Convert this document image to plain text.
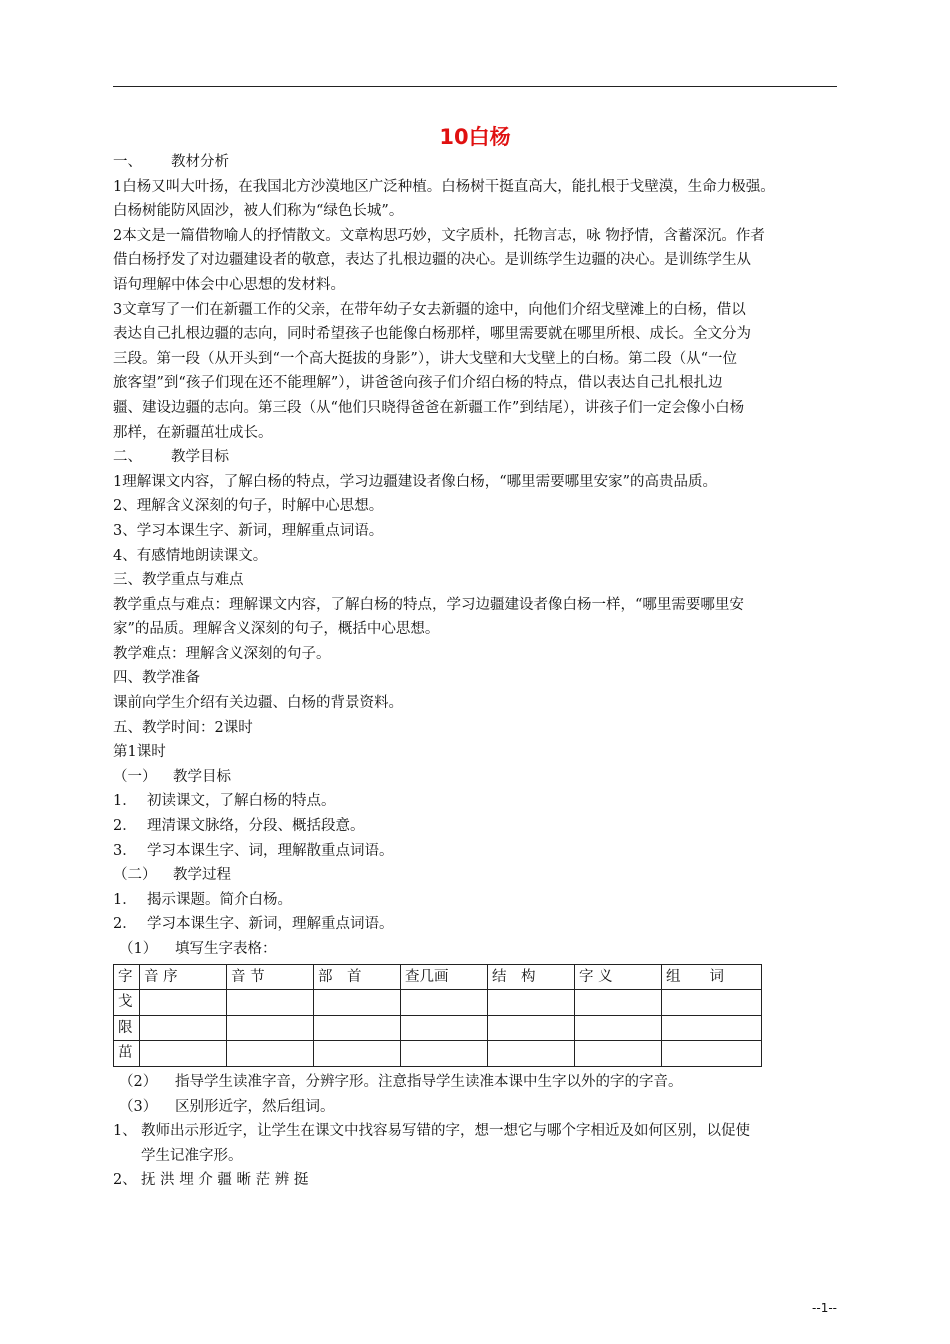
10白杨

一、 教材分析

1白杨又叫大叶扬，在我国北方沙漠地区广泛种植。白杨树干挺直高大，能扎根于戈壁漠，生命力极强。

白杨树能防风固沙，被人们称为“绿色长城”。

2本文是一篇借物喻人的抒情散文。文章构思巧妙，文字质朴，托物言志，咏 物抒情，含蓄深沉。作者

借白杨抒发了对边疆建设者的敬意，表达了扎根边疆的决心。是训练学生边疆的决心。是训练学生从

语句理解中体会中心思想的发材料。

3文章写了一们在新疆工作的父亲，在带年幼子女去新疆的途中，向他们介绍戈壁滩上的白杨，借以

表达自己扎根边疆的志向，同时希望孩子也能像白杨那样，哪里需要就在哪里所根、成长。全文分为

三段。第一段（从开头到“一个高大挺拔的身影”），讲大戈壁和大戈壁上的白杨。第二段（从“一位

旅客望”到“孩子们现在还不能理解”），讲爸爸向孩子们介绍白杨的特点，借以表达自己扎根扎边

疆、建设边疆的志向。第三段（从“他们只晓得爸爸在新疆工作”到结尾），讲孩子们一定会像小白杨

那样，在新疆茁壮成长。

二、 教学目标

1理解课文内容，了解白杨的特点，学习边疆建设者像白杨，“哪里需要哪里安家”的高贵品质。

2、理解含义深刻的句子，时解中心思想。

3、学习本课生字、新词，理解重点词语。

4、有感情地朗读课文。

三、教学重点与难点

教学重点与难点：理解课文内容，了解白杨的特点，学习边疆建设者像白杨一样，“哪里需要哪里安

家”的品质。理解含义深刻的句子，概括中心思想。

教学难点：理解含义深刻的句子。

四、教学准备

课前向学生介绍有关边疆、白杨的背景资料。

五、教学时间：2课时

第1课时

（一） 教学目标

1． 初读课文，了解白杨的特点。

2． 理清课文脉络，分段、概括段意。

3． 学习本课生字、词，理解散重点词语。

（二） 教学过程

1． 揭示课题。简介白杨。

2． 学习本课生字、新词，理解重点词语。

（1） 填写生字表格：

字	音 序	音 节	部　首	查几画	结　构	字 义	组　　词
戈							
限							
茁							

（2） 指导学生读准字音，分辨字形。注意指导学生读准本课中生字以外的字的字音。

（3） 区别形近字，然后组词。

1、 教师出示形近字，让学生在课文中找容易写错的字，想一想它与哪个字相近及如何区别，以促使

学生记准字形。

2、 抚 洪 埋 介 疆 晰 茫 辨 挺

--1--
